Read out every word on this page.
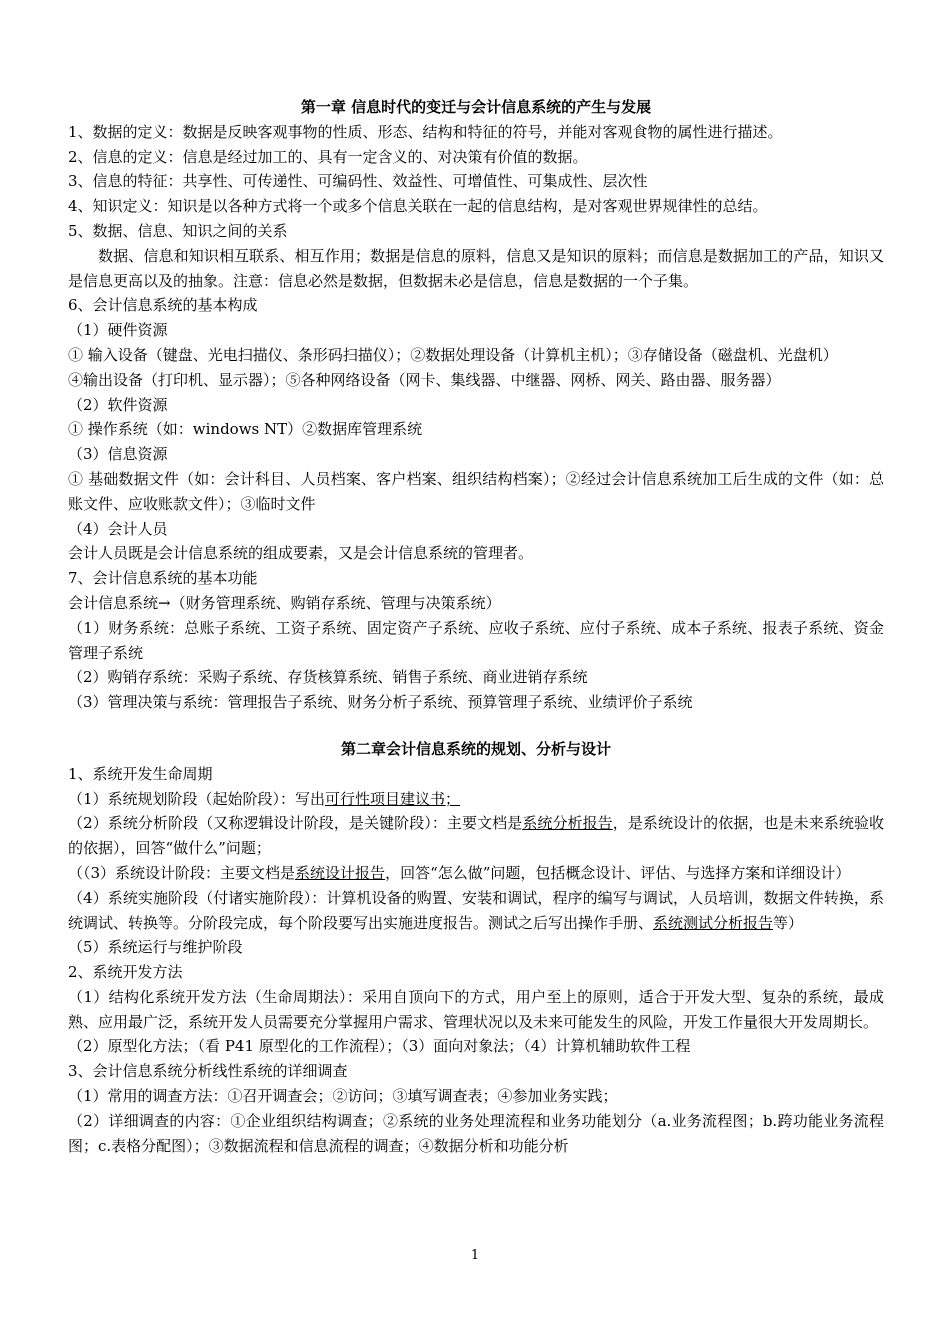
第一章 信息时代的变迁与会计信息系统的产生与发展
1、数据的定义：数据是反映客观事物的性质、形态、结构和特征的符号，并能对客观食物的属性进行描述。
2、信息的定义：信息是经过加工的、具有一定含义的、对决策有价值的数据。
3、信息的特征：共享性、可传递性、可编码性、效益性、可增值性、可集成性、层次性
4、知识定义：知识是以各种方式将一个或多个信息关联在一起的信息结构，是对客观世界规律性的总结。
5、数据、信息、知识之间的关系
数据、信息和知识相互联系、相互作用；数据是信息的原料，信息又是知识的原料；而信息是数据加工的产品，知识又是信息更高以及的抽象。注意：信息必然是数据，但数据未必是信息，信息是数据的一个子集。
6、会计信息系统的基本构成
（1）硬件资源
① 输入设备（键盘、光电扫描仪、条形码扫描仪）；②数据处理设备（计算机主机）；③存储设备（磁盘机、光盘机）
④输出设备（打印机、显示器）；⑤各种网络设备（网卡、集线器、中继器、网桥、网关、路由器、服务器）
（2）软件资源
① 操作系统（如：windows NT）②数据库管理系统
（3）信息资源
① 基础数据文件（如：会计科目、人员档案、客户档案、组织结构档案）；②经过会计信息系统加工后生成的文件（如：总账文件、应收账款文件）；③临时文件
（4）会计人员
会计人员既是会计信息系统的组成要素，又是会计信息系统的管理者。
7、会计信息系统的基本功能
会计信息系统→（财务管理系统、购销存系统、管理与决策系统）
（1）财务系统：总账子系统、工资子系统、固定资产子系统、应收子系统、应付子系统、成本子系统、报表子系统、资金管理子系统
（2）购销存系统：采购子系统、存货核算系统、销售子系统、商业进销存系统
（3）管理决策与系统：管理报告子系统、财务分析子系统、预算管理子系统、业绩评价子系统
第二章会计信息系统的规划、分析与设计
1、系统开发生命周期
（1）系统规划阶段（起始阶段）：写出可行性项目建议书；
（2）系统分析阶段（又称逻辑设计阶段，是关键阶段）：主要文档是系统分析报告，是系统设计的依据，也是未来系统验收的依据），回答“做什么”问题；
（（3）系统设计阶段：主要文档是系统设计报告，回答“怎么做”问题，包括概念设计、评估、与选择方案和详细设计）
（4）系统实施阶段（付诸实施阶段）：计算机设备的购置、安装和调试，程序的编写与调试，人员培训，数据文件转换，系统调试、转换等。分阶段完成，每个阶段要写出实施进度报告。测试之后写出操作手册、系统测试分析报告等）
（5）系统运行与维护阶段
2、系统开发方法
（1）结构化系统开发方法（生命周期法）：采用自顶向下的方式，用户至上的原则，适合于开发大型、复杂的系统，最成熟、应用最广泛，系统开发人员需要充分掌握用户需求、管理状况以及未来可能发生的风险，开发工作量很大开发周期长。
（2）原型化方法；（看 P41 原型化的工作流程）；（3）面向对象法；（4）计算机辅助软件工程
3、会计信息系统分析线性系统的详细调查
（1）常用的调查方法：①召开调查会；②访问；③填写调查表；④参加业务实践；
（2）详细调查的内容：①企业组织结构调查；②系统的业务处理流程和业务功能划分（a.业务流程图；b.跨功能业务流程图；c.表格分配图）；③数据流程和信息流程的调查；④数据分析和功能分析
1
